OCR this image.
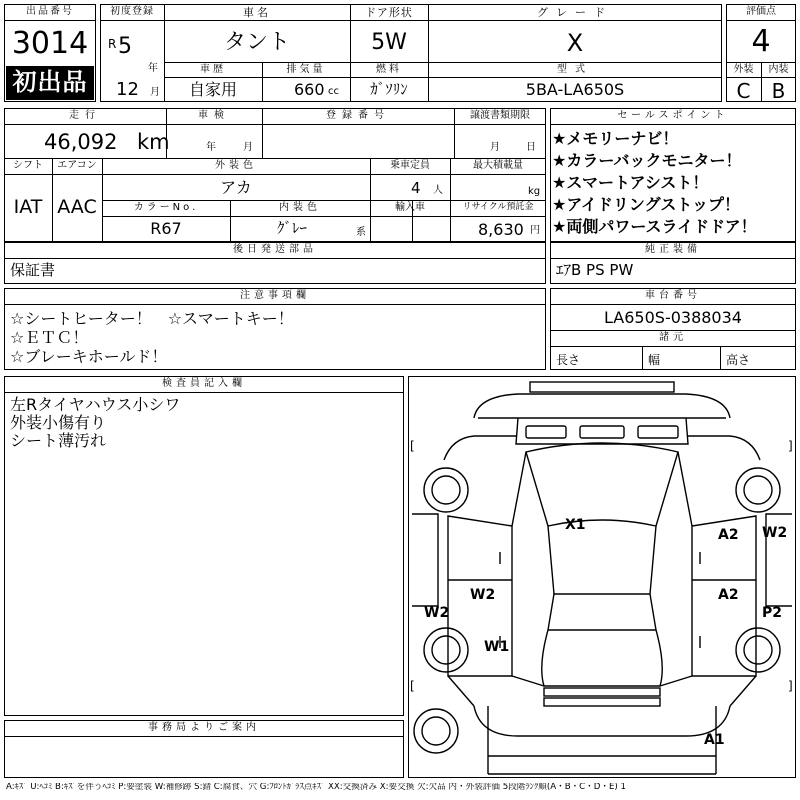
出品番号
3014
初出品
初度登録
R 5
年
12 月
車名
タント
ドア形状
5W
グレード
X
車歴
自家用
排気量
660 cc
燃料
ｶﾞｿﾘﾝ
型式
5BA-LA650S
評価点
4
外装	内装
C	B
走行
46,092 km
車検
年	月
登録番号	譲渡書類期限
月	日
シフト
IAT
エアコン
AAC
外装色
アカ
乗車定員
4 人
最大積載量
kg
カラーNo.
R67
内装色
ｸﾞﾚｰ	系
輸入車	リサイクル預託金
8,630 円
セールスポイント
★メモリーナビ！
★カラーバックモニター！
★スマートアシスト！
★アイドリングストップ！
★両側パワースライドドア！
後日発送部品
保証書
純正装備
ｴｱB PS PW
注意事項欄
☆シートヒーター！　☆スマートキー！
☆ＥＴＣ！
☆ブレーキホールド！
車台番号
LA650S-0388034
諸元
長さ	幅	高さ
検査員記入欄
左Rタイヤハウス小シワ
外装小傷有り
シート薄汚れ
事務局よりご案内
[
[
]
]
X1
A2 W2
W2
W2
A2
P2
W1
A1
A:ｷｽﾞ U:ﾍｺﾐ B:ｷｽﾞを伴うﾍｺﾐ P:要塗装 W:補修跡 S:錆 C:腐食、穴 G:ﾌﾛﾝﾄｶﾞﾗｽ点ｷｽﾞ XX:交換済み X:要交換 欠:欠品 内・外装評価 5段階ﾗﾝｸ順(A・B・C・D・E) 1
